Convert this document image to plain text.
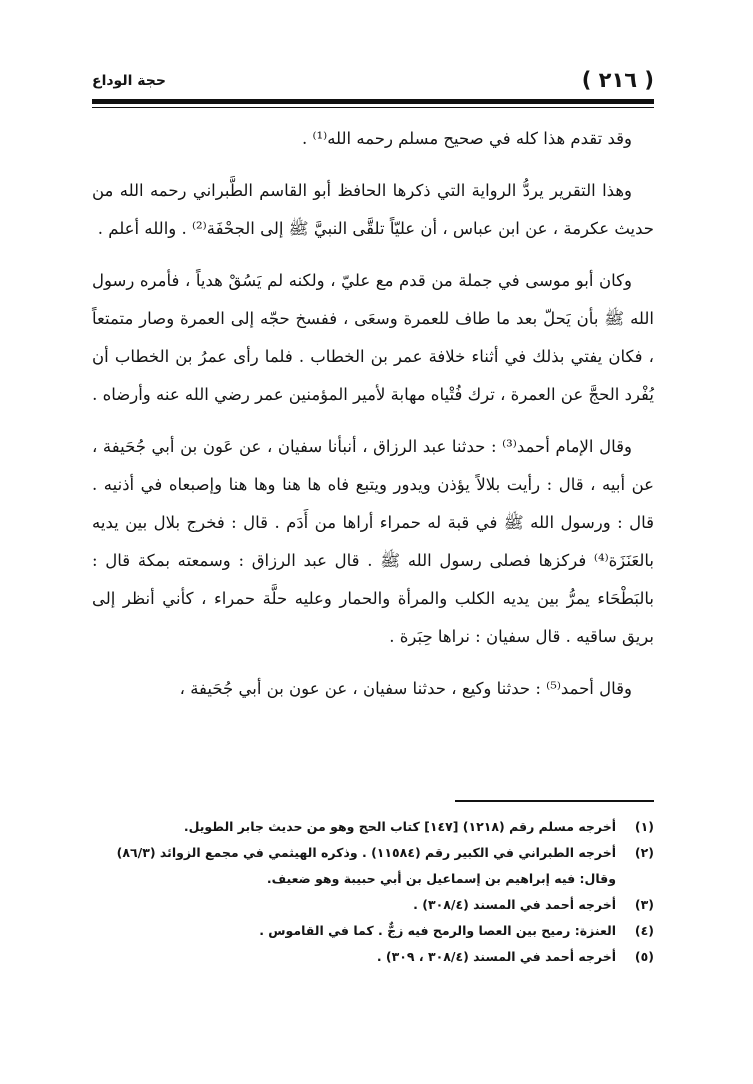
( ٢١٦ )
حجة الوداع

وقد تقدم هذا كله في صحيح مسلم رحمه الله⁽¹⁾ .

وهذا التقرير يردُّ الرواية التي ذكرها الحافظ أبو القاسم الطَّبراني رحمه الله من حديث عكرمة ، عن ابن عباس ، أن عليّاً تلقَّى النبيَّ ﷺ إلى الجحْفَة⁽²⁾ . والله أعلم .

وكان أبو موسى في جملة من قدم مع عليّ ، ولكنه لم يَسُقْ هدياً ، فأمره رسول الله ﷺ بأن يَحلّ بعد ما طاف للعمرة وسعَى ، ففسخ حجّه إلى العمرة وصار متمتعاً ، فكان يفتي بذلك في أثناء خلافة عمر بن الخطاب . فلما رأى عمرُ بن الخطاب أن يُفْرد الحجَّ عن العمرة ، ترك فُتْياه مهابة لأمير المؤمنين عمر رضي الله عنه وأرضاه .

وقال الإمام أحمد⁽³⁾ : حدثنا عبد الرزاق ، أنبأنا سفيان ، عن عَون بن أبي جُحَيفة ، عن أبيه ، قال : رأيت بلالاً يؤذن ويدور ويتبع فاه ها هنا وها هنا وإصبعاه في أذنيه . قال : ورسول الله ﷺ في قبة له حمراء أراها من أَدَم . قال : فخرج بلال بين يديه بالعَنَزَة⁽⁴⁾ فركزها فصلى رسول الله ﷺ . قال عبد الرزاق : وسمعته بمكة قال : بالبَطْحَاء يمرُّ بين يديه الكلب والمرأة والحمار وعليه حلَّة حمراء ، كأني أنظر إلى بريق ساقيه . قال سفيان : نراها حِبَرة .

وقال أحمد⁽⁵⁾ : حدثنا وكيع ، حدثنا سفيان ، عن عون بن أبي جُحَيفة ،

(١)
أخرجه مسلم رقم (١٢١٨) [١٤٧] كتاب الحج وهو من حديث جابر الطويل.
(٢)
أخرجه الطبراني في الكبير رقم (١١٥٨٤) . وذكره الهيثمي في مجمع الزوائد (٨٦/٣) وقال: فيه إبراهيم بن إسماعيل بن أبي حبيبة وهو ضعيف.
(٣)
أخرجه أحمد في المسند (٣٠٨/٤) .
(٤)
العنزة: رميح بين العصا والرمح فيه زجٌّ . كما في القاموس .
(٥)
أخرجه أحمد في المسند (٣٠٨/٤ ، ٣٠٩) .
